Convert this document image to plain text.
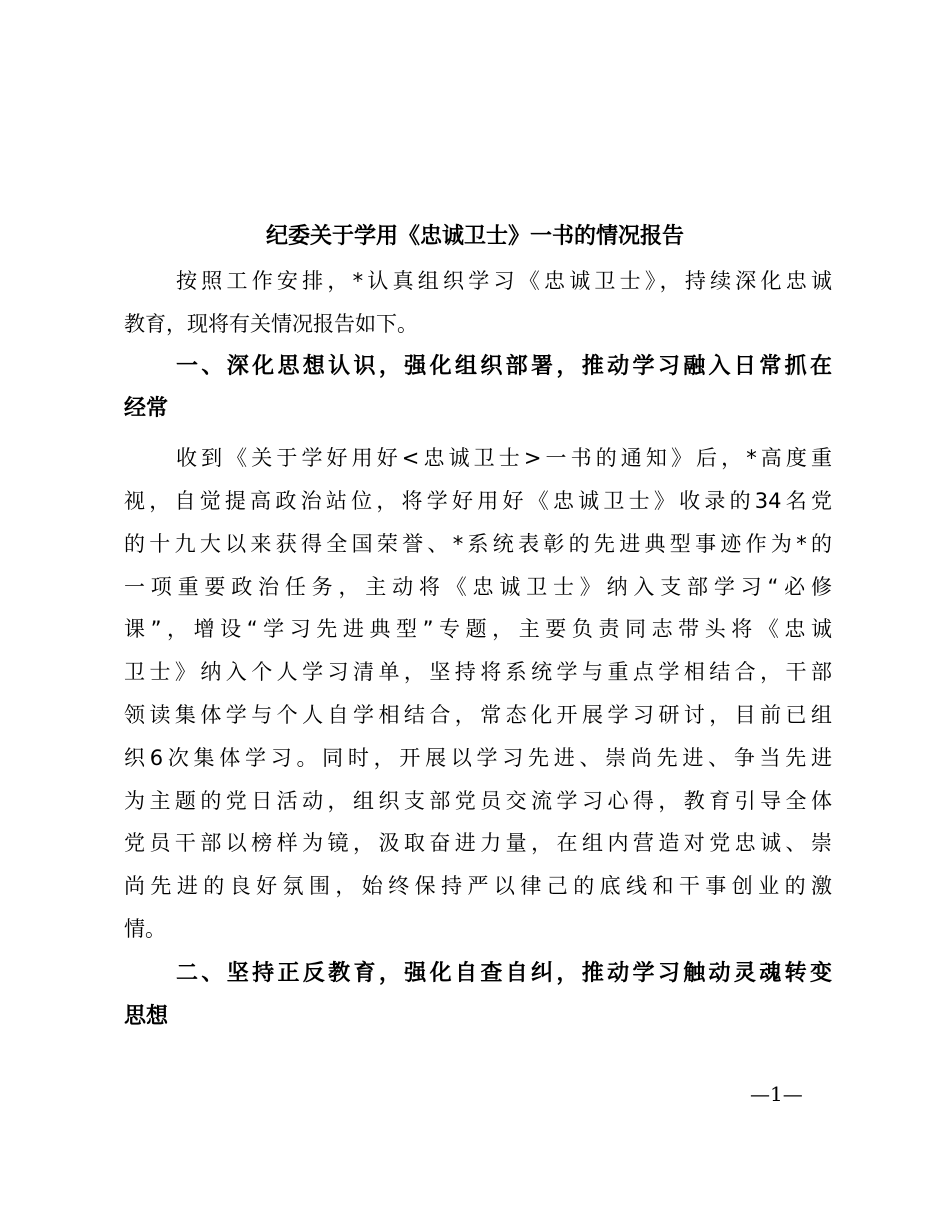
纪委关于学用《忠诚卫士》一书的情况报告
按照工作安排，*认真组织学习《忠诚卫士》，持续深化忠诚
教育，现将有关情况报告如下。
一、深化思想认识，强化组织部署，推动学习融入日常抓在
经常
收到《关于学好用好<忠诚卫士>一书的通知》后，*高度重
视，自觉提高政治站位，将学好用好《忠诚卫士》收录的34名党
的十九大以来获得全国荣誉、*系统表彰的先进典型事迹作为*的
一项重要政治任务，主动将《忠诚卫士》纳入支部学习“必修
课”，增设“学习先进典型”专题，主要负责同志带头将《忠诚
卫士》纳入个人学习清单，坚持将系统学与重点学相结合，干部
领读集体学与个人自学相结合，常态化开展学习研讨，目前已组
织6次集体学习。同时，开展以学习先进、崇尚先进、争当先进
为主题的党日活动，组织支部党员交流学习心得，教育引导全体
党员干部以榜样为镜，汲取奋进力量，在组内营造对党忠诚、崇
尚先进的良好氛围，始终保持严以律己的底线和干事创业的激
情。
二、坚持正反教育，强化自查自纠，推动学习触动灵魂转变
思想
—1—
